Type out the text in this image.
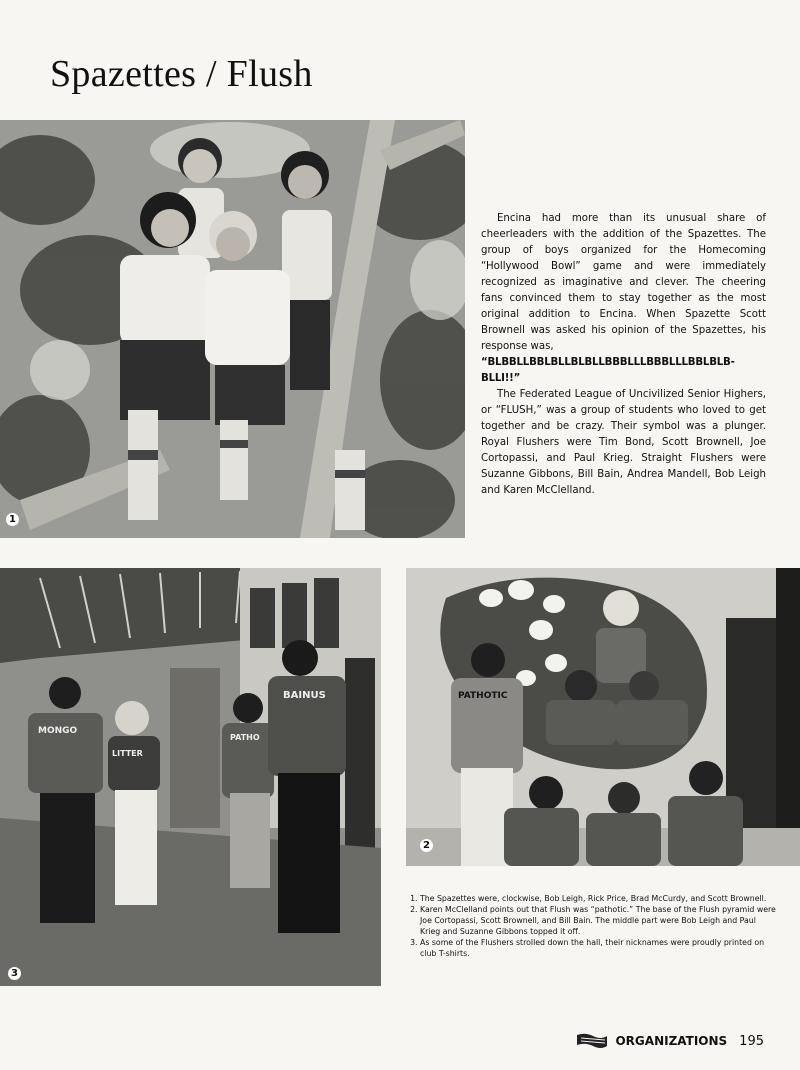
Spazettes / Flush
1

Encina had more than its unusual share of cheerleaders with the addition of the Spazettes. The group of boys organized for the Homecoming “Hollywood Bowl” game and were immediately recognized as imaginative and clever. The cheering fans convinced them to stay together as the most original addition to Encina. When Spazette Scott Brownell was asked his opinion of the Spazettes, his response was,

“BLBBLLBBLBLLBLBLLBBBLLLBBBLLLBBLBLB-BLLI!!”

The Federated League of Uncivilized Senior Highers, or “FLUSH,” was a group of students who loved to get together and be crazy. Their symbol was a plunger. Royal Flushers were Tim Bond, Scott Brownell, Joe Cortopassi, and Paul Krieg. Straight Flushers were Suzanne Gibbons, Bill Bain, Andrea Mandell, Bob Leigh and Karen McClelland.

MONGO
LITTER
PATHO
BAINUS
3
PATHOTIC
2
1. The Spazettes were, clockwise, Bob Leigh, Rick Price, Brad McCurdy, and Scott Brownell.
2. Karen McClelland points out that Flush was “pathotic.” The base of the Flush pyramid were Joe Cortopassi, Scott Brownell, and Bill Bain. The middle part were Bob Leigh and Paul Krieg and Suzanne Gibbons topped it off.
3. As some of the Flushers strolled down the hall, their nicknames were proudly printed on club T-shirts.
ORGANIZATIONS 195
